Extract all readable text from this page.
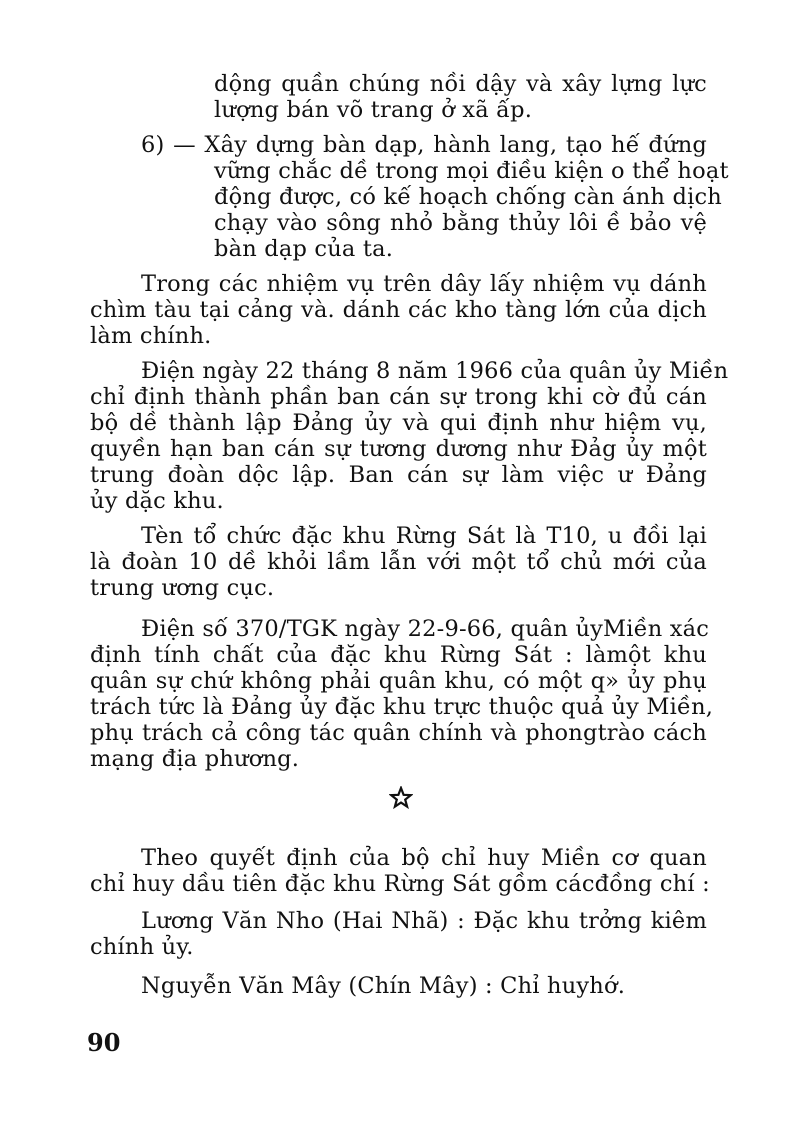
dộng quần chúng nồi dậy và xây lựng lực
lượng bán võ trang ở xã ấp.
6) — Xây dựng bàn dạp, hành lang, tạo hế đứng
vững chắc dề trong mọi điều kiện o thể hoạt
động được, có kế hoạch chống càn ánh dịch
chạy vào sông nhỏ bằng thủy lôi ề bảo vệ
bàn dạp của ta.
Trong các nhiệm vụ trên dây lấy nhiệm vụ dánh
chìm tàu tại cảng và. dánh các kho tàng lớn của dịch
làm chính.
Điện ngày 22 tháng 8 năm 1966 của quân ủy Miền
chỉ định thành phần ban cán sự trong khi cờ đủ cán
bộ dề thành lập Đảng ủy và qui định như hiệm vụ,
quyền hạn ban cán sự tương dương như Đảg ủy một
trung đoàn dộc lập. Ban cán sự làm việc ư Đảng
ủy dặc khu.
Tèn tổ chức đặc khu Rừng Sát là T10, u đồi lại
là đoàn 10 dề khỏi lầm lẫn với một tổ chủ mới của
trung ương cục.
Điện số 370/TGK ngày 22-9-66, quân ủyMiền xác
định tính chất của đặc khu Rừng Sát : làmột khu
quân sự chứ không phải quân khu, có một q» ủy phụ
trách tức là Đảng ủy đặc khu trực thuộc quả ủy Miền,
phụ trách cả công tác quân chính và phongtrào cách
mạng địa phương.
Theo quyết định của bộ chỉ huy Miền cơ quan
chỉ huy dầu tiên đặc khu Rừng Sát gồm cácđồng chí :
Lương Văn Nho (Hai Nhã) : Đặc khu trởng kiêm
chính ủy.
Nguyễn Văn Mây (Chín Mây) : Chỉ huyhớ.
90
